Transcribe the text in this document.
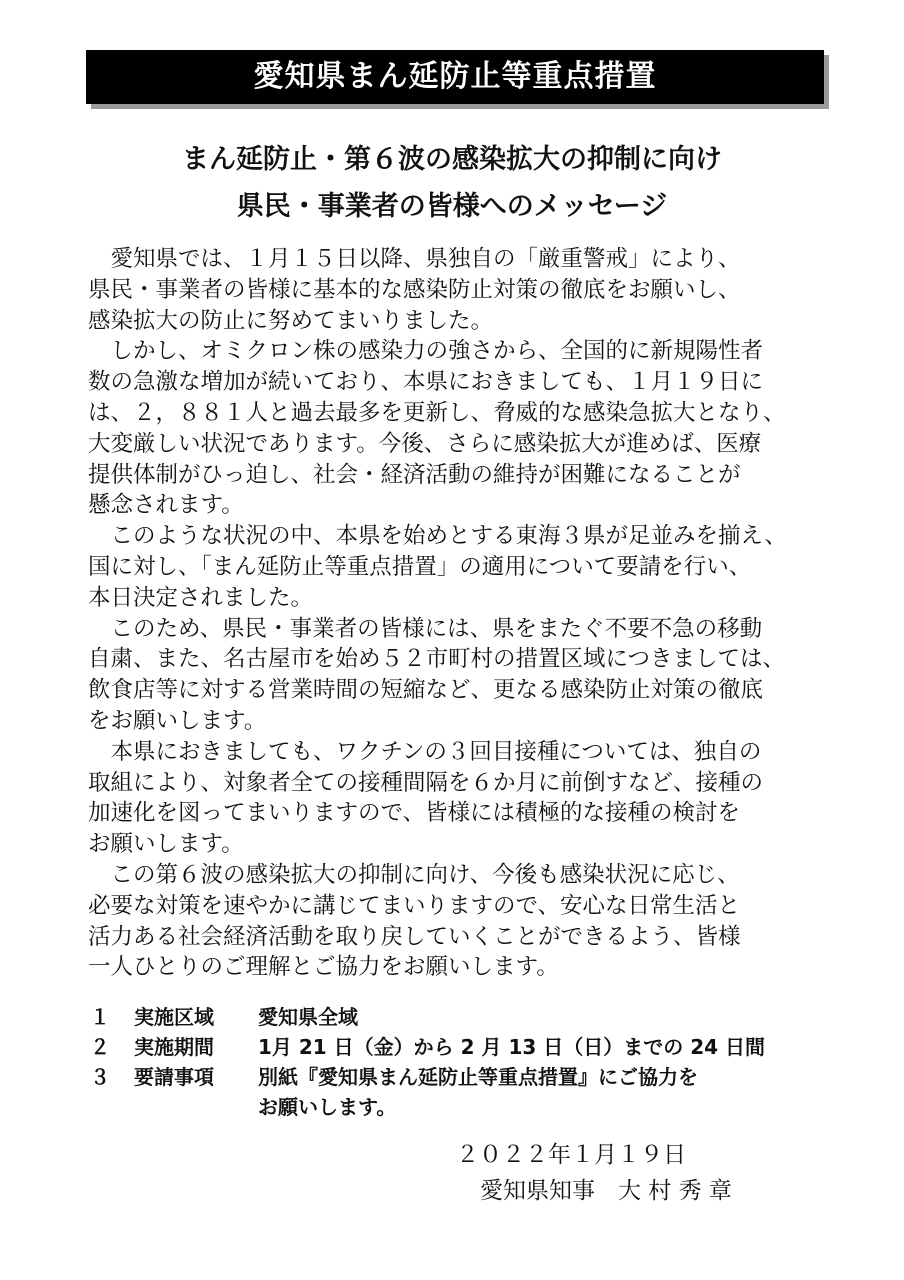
愛知県まん延防止等重点措置
まん延防止・第６波の感染拡大の抑制に向け
県民・事業者の皆様へのメッセージ
　愛知県では、１月１５日以降、県独自の「厳重警戒」により、
県民・事業者の皆様に基本的な感染防止対策の徹底をお願いし、
感染拡大の防止に努めてまいりました。
　しかし、オミクロン株の感染力の強さから、全国的に新規陽性者
数の急激な増加が続いており、本県におきましても、１月１９日に
は、２，８８１人と過去最多を更新し、脅威的な感染急拡大となり、
大変厳しい状況であります。今後、さらに感染拡大が進めば、医療
提供体制がひっ迫し、社会・経済活動の維持が困難になることが
懸念されます。
　このような状況の中、本県を始めとする東海３県が足並みを揃え、
国に対し、「まん延防止等重点措置」の適用について要請を行い、
本日決定されました。
　このため、県民・事業者の皆様には、県をまたぐ不要不急の移動
自粛、また、名古屋市を始め５２市町村の措置区域につきましては、
飲食店等に対する営業時間の短縮など、更なる感染防止対策の徹底
をお願いします。
　本県におきましても、ワクチンの３回目接種については、独自の
取組により、対象者全ての接種間隔を６か月に前倒すなど、接種の
加速化を図ってまいりますので、皆様には積極的な接種の検討を
お願いします。
　この第６波の感染拡大の抑制に向け、今後も感染状況に応じ、
必要な対策を速やかに講じてまいりますので、安心な日常生活と
活力ある社会経済活動を取り戻していくことができるよう、皆様
一人ひとりのご理解とご協力をお願いします。
１ 実施区域 愛知県全域
２ 実施期間 1月 21 日（金）から 2 月 13 日（日）までの 24 日間
３ 要請事項 別紙『愛知県まん延防止等重点措置』にご協力を
お願いします。
２０２２年１月１９日
愛知県知事　大 村 秀 章
